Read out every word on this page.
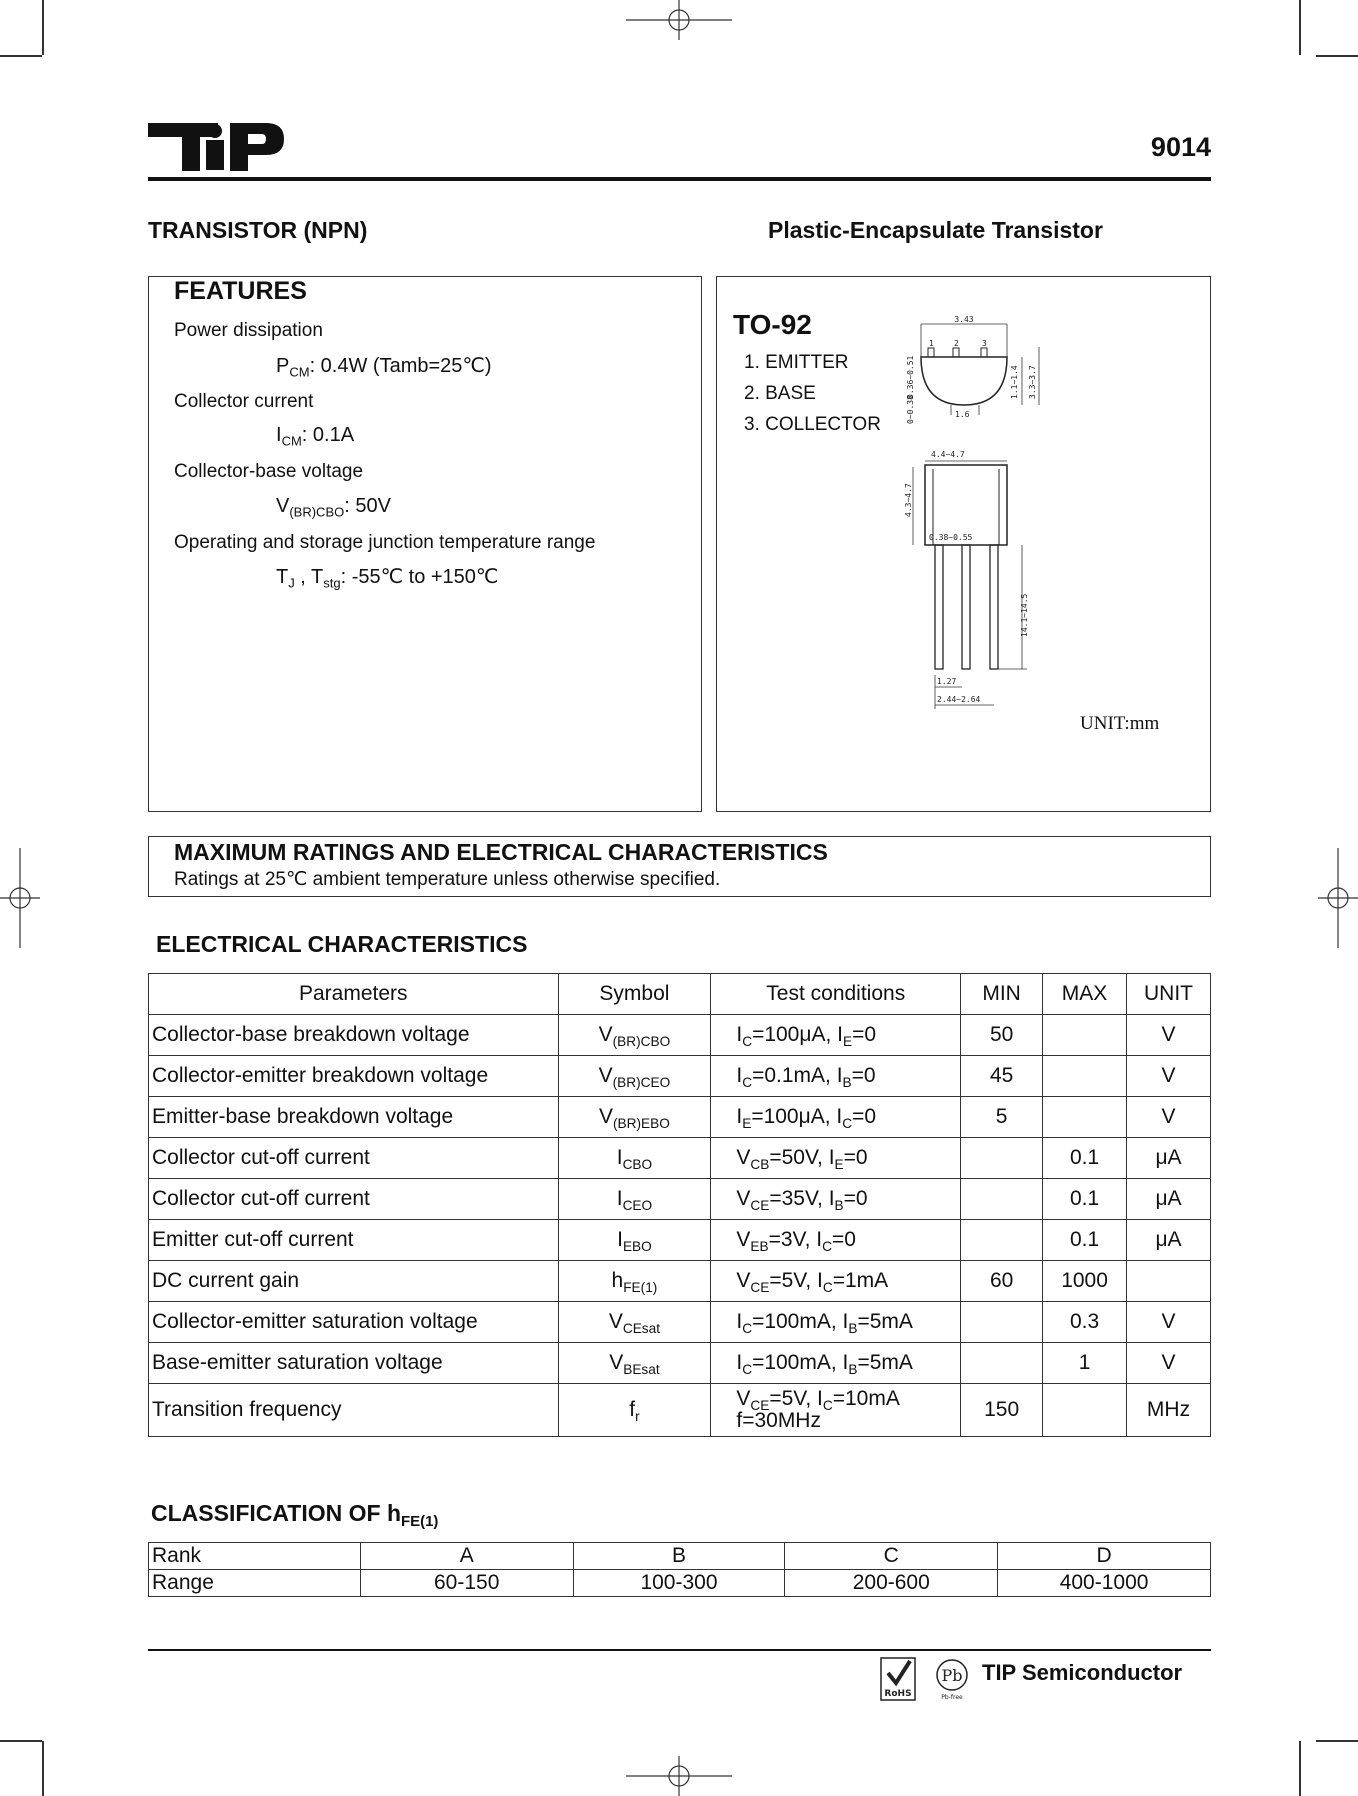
9014
TRANSISTOR (NPN)	Plastic-Encapsulate Transistor
FEATURES
Power dissipation
$P_{CM}$: 0.4W (Tamb=25℃)
Collector current
$I_{CM}$: 0.1A
Collector-base voltage
$V_{(BR)CBO}$: 50V
Operating and storage junction temperature range
$T_J$ , $T_{stg}$: -55℃ to +150℃
TO-92
1. EMITTER
2. BASE
3. COLLECTOR
3.43
1	2	3
0.36~0.51
0~0.38	1.6
1.1~1.4 3.3~3.7
4.4~4.7
4.3~4.7
0.38~0.55
14.1~14.5
1.27
2.44~2.64
UNIT:mm
MAXIMUM RATINGS AND ELECTRICAL CHARACTERISTICS
Ratings at 25℃ ambient temperature unless otherwise specified.
ELECTRICAL CHARACTERISTICS
Parameters	Symbol	Test conditions	MIN	MAX	UNIT
Collector-base breakdown voltage	$V_{(BR)CBO}$	$I_C=100\mu A$, $I_E=0$	50		V
Collector-emitter breakdown voltage	$V_{(BR)CEO}$	$I_C=0.1mA$, $I_B=0$	45		V
Emitter-base breakdown voltage	$V_{(BR)EBO}$	$I_E=100\mu A$, $I_C=0$	5		V
Collector cut-off current	$I_{CBO}$	$V_{CB}=50V$, $I_E=0$		0.1	μA
Collector cut-off current	$I_{CEO}$	$V_{CE}=35V$, $I_B=0$		0.1	μA
Emitter cut-off current	$I_{EBO}$	$V_{EB}=3V$, $I_C=0$		0.1	μA
DC current gain	$h_{FE(1)}$	$V_{CE}=5V$, $I_C=1mA$	60	1000	
Collector-emitter saturation voltage	$V_{CEsat}$	$I_C=100mA$, $I_B=5mA$		0.3	V
Base-emitter saturation voltage	$V_{BEsat}$	$I_C=100mA$, $I_B=5mA$		1	V
Transition frequency	$f_r$	$V_{CE}=5V$, $I_C=10mA$
f=30MHz	150		MHz
CLASSIFICATION OF $h_{FE(1)}$
Rank	A	B	C	D
Range	60-150	100-300	200-600	400-1000
RoHS
Pb
Pb-free
TIP Semiconductor
